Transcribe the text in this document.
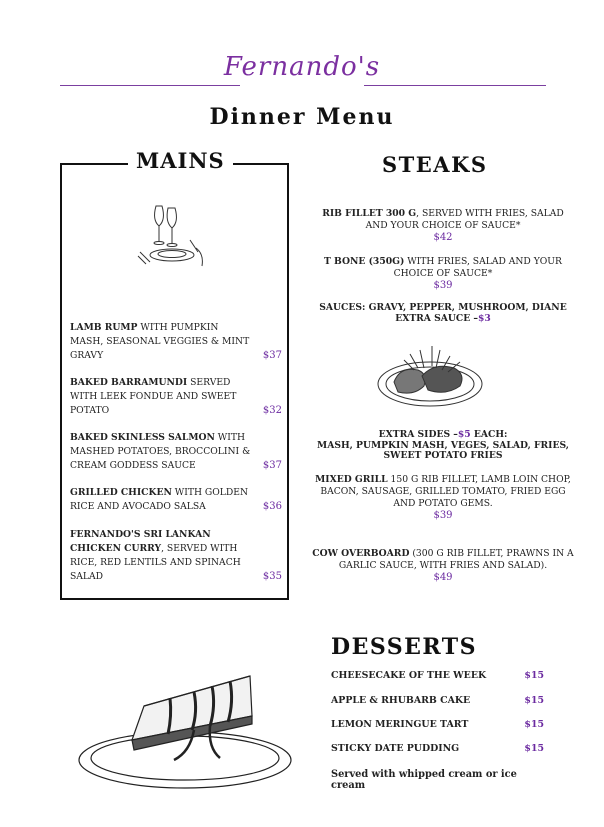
Fernando's
Dinner Menu
MAINS
LAMB RUMP WITH PUMPKIN MASH, SEASONAL VEGGIES & MINT GRAVY	$37
BAKED BARRAMUNDI SERVED WITH LEEK FONDUE AND SWEET POTATO	$32
BAKED SKINLESS SALMON WITH MASHED POTATOES, BROCCOLINI & CREAM GODDESS SAUCE	$37
GRILLED CHICKEN WITH GOLDEN RICE AND AVOCADO SALSA	$36
FERNANDO'S SRI LANKAN CHICKEN CURRY, SERVED WITH RICE, RED LENTILS AND SPINACH SALAD	$35
STEAKS
RIB FILLET 300 G, SERVED WITH FRIES, SALAD AND YOUR CHOICE OF SAUCE*
$42
T BONE (350G) WITH FRIES, SALAD AND YOUR CHOICE OF SAUCE*
$39
SAUCES: GRAVY, PEPPER, MUSHROOM, DIANE
EXTRA SAUCE –$3
EXTRA SIDES –$5 EACH:
MASH, PUMPKIN MASH, VEGES, SALAD, FRIES, SWEET POTATO FRIES
MIXED GRILL 150 G RIB FILLET, LAMB LOIN CHOP, BACON, SAUSAGE, GRILLED TOMATO, FRIED EGG AND POTATO GEMS.
$39
COW OVERBOARD (300 G RIB FILLET, PRAWNS IN A GARLIC SAUCE, WITH FRIES AND SALAD).
$49
DESSERTS
CHEESECAKE OF THE WEEK	$15
APPLE & RHUBARB CAKE	$15
LEMON MERINGUE TART	$15
STICKY DATE PUDDING	$15
Served with whipped cream or ice cream
